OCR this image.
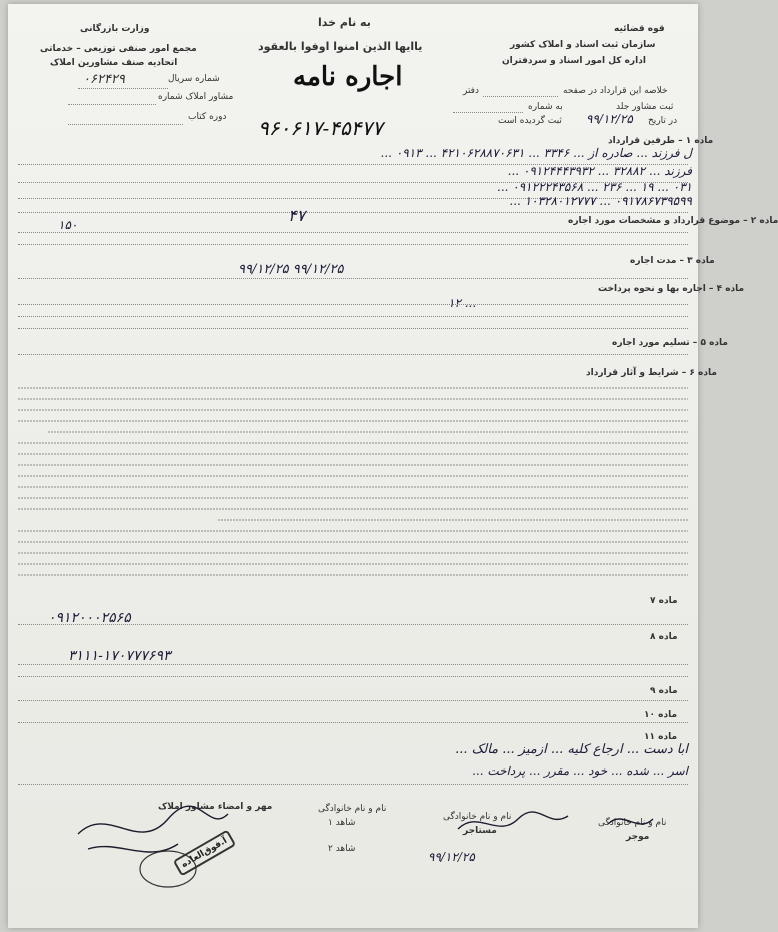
به نام خدا
یاایها الذین امنوا اوفوا بالعقود
اجاره نامه
وزارت بازرگانی
مجمع امور صنفی توزیعی – خدماتی
اتحادیه صنف مشاورین املاک
شماره سریال
۰۶۲۴۲۹
مشاور املاک شماره
دوره کتاب
قوه قضائیه
سازمان ثبت اسناد و املاک کشور
اداره کل امور اسناد و سردفتران
خلاصه این قرارداد در صفحه
دفتر
ثبت مشاور جلد
به شماره
در تاریخ
۹۹/۱۲/۲۵
ثبت گردیده است
۹۶۰۶۱۷-۴۵۴۷۷
ماده ۱ – طرفین قرارداد
ل فرزند ... صادره از ... ۳۳۴۶ ... ۴۲۱۰۶۲۸۸۷۰۶۳۱ ... ۰۹۱۳ ...
فرزند ... ۳۲۸۸۲ ... ۰۹۱۲۴۴۴۳۹۳۲ ...
۰۳۱ ... ۱۹ ... ۲۳۶ ... ۰۹۱۲۲۲۴۳۵۶۸ ...
۰۹۱۷۸۶۷۳۹۵۹۹ ... ۱۰۳۲۸۰۱۲۷۷۷ ...
ماده ۲ – موضوع قرارداد و مشخصات مورد اجاره
۴۷
۱۵۰
ماده ۳ – مدت اجاره
۹۹/۱۲/۲۵ ۹۹/۱۲/۲۵
ماده ۴ – اجاره بها و نحوه پرداخت
۱۲ ...
ماده ۵ – تسلیم مورد اجاره
ماده ۶ – شرایط و آثار قرارداد
ماده ۷
۰۹۱۲۰۰۰۲۵۶۵
ماده ۸
۳۱۱۱-۱۷۰۷۷۷۶۹۳
ماده ۹
ماده ۱۰
ماده ۱۱
ابا دست ... ارجاع کلیه ... ازمیز ... مالک ...
اسر ... شده ... خود ... مقرر ... پرداخت ...
نام و نام خانوادگی
موجر
نام و نام خانوادگی
مستاجر
نام و نام خانوادگی
شاهد ۱
شاهد ۲
مهر و امضاء مشاور املاک
۹۹/۱۲/۲۵
آ.فوق‌العاده
